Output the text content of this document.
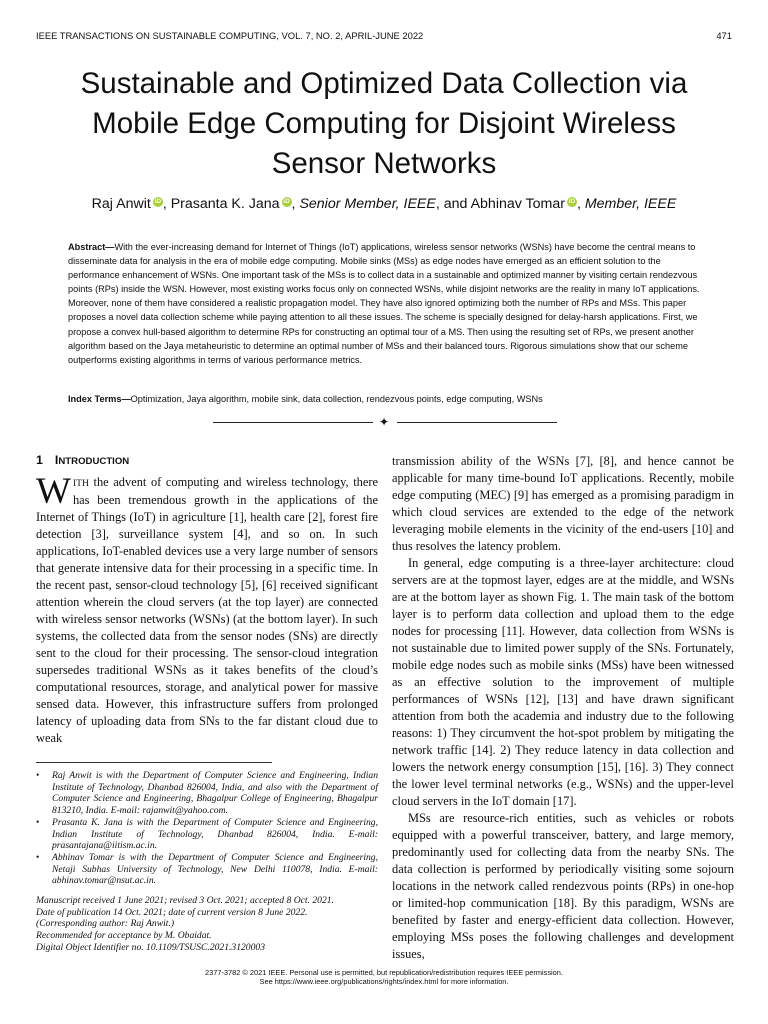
IEEE TRANSACTIONS ON SUSTAINABLE COMPUTING, VOL. 7, NO. 2, APRIL-JUNE 2022	471
Sustainable and Optimized Data Collection via
Mobile Edge Computing for Disjoint Wireless
Sensor Networks
Raj Anwit iD , Prasanta K. Jana iD , Senior Member, IEEE, and Abhinav Tomar iD , Member, IEEE

Abstract—With the ever-increasing demand for Internet of Things (IoT) applications, wireless sensor networks (WSNs) have become the central means to disseminate data for analysis in the era of mobile edge computing. Mobile sinks (MSs) as edge nodes have emerged as an efficient solution to the performance enhancement of WSNs. One important task of the MSs is to collect data in a sustainable and optimized manner by visiting certain rendezvous points (RPs) inside the WSN. However, most existing works focus only on connected WSNs, while disjoint networks are the reality in many IoT applications. Moreover, none of them have considered a realistic propagation model. They have also ignored optimizing both the number of RPs and MSs. This paper proposes a novel data collection scheme while paying attention to all these issues. The scheme is specially designed for delay-harsh applications. First, we propose a convex hull-based algorithm to determine RPs for constructing an optimal tour of a MS. Then using the resulting set of RPs, we present another algorithm based on the Jaya metaheuristic to determine an optimal number of MSs and their balanced tours. Rigorous simulations show that our scheme outperforms existing algorithms in terms of various performance metrics.

Index Terms—Optimization, Jaya algorithm, mobile sink, data collection, rendezvous points, edge computing, WSNs

✦
1 INTRODUCTION

WITH the advent of computing and wireless technology, there has been tremendous growth in the applications of the Internet of Things (IoT) in agriculture [1], health care [2], forest fire detection [3], surveillance system [4], and so on. In such applications, IoT-enabled devices use a very large number of sensors that generate intensive data for their processing in a specific time. In the recent past, sensor-cloud technology [5], [6] received significant attention wherein the cloud servers (at the top layer) are connected with wireless sensor networks (WSNs) (at the bottom layer). In such systems, the collected data from the sensor nodes (SNs) are directly sent to the cloud for their processing. The sensor-cloud integration supersedes traditional WSNs as it takes benefits of the cloud’s computational resources, storage, and analytical power for massive sensed data. However, this infrastructure suffers from prolonged latency of uploading data from SNs to the far distant cloud due to weak

• Raj Anwit is with the Department of Computer Science and Engineering, Indian Institute of Technology, Dhanbad 826004, India, and also with the Department of Computer Science and Engineering, Bhagalpur College of Engineering, Bhagalpur 813210, India. E-mail: rajanwit@yahoo.com.

• Prasanta K. Jana is with the Department of Computer Science and Engineering, Indian Institute of Technology, Dhanbad 826004, India. E-mail: prasantajana@iitism.ac.in.

• Abhinav Tomar is with the Department of Computer Science and Engineering, Netaji Subhas University of Technology, New Delhi 110078, India. E-mail: abhinav.tomar@nsut.ac.in.

Manuscript received 1 June 2021; revised 3 Oct. 2021; accepted 8 Oct. 2021.
Date of publication 14 Oct. 2021; date of current version 8 June 2022.
(Corresponding author: Raj Anwit.)
Recommended for acceptance by M. Obaidat.
Digital Object Identifier no. 10.1109/TSUSC.2021.3120003

transmission ability of the WSNs [7], [8], and hence cannot be applicable for many time-bound IoT applications. Recently, mobile edge computing (MEC) [9] has emerged as a promising paradigm in which cloud services are extended to the edge of the network leveraging mobile elements in the vicinity of the end-users [10] and thus resolves the latency problem.

In general, edge computing is a three-layer architecture: cloud servers are at the topmost layer, edges are at the middle, and WSNs are at the bottom layer as shown Fig. 1. The main task of the bottom layer is to perform data collection and upload them to the edge nodes for processing [11]. However, data collection from WSNs is not sustainable due to limited power supply of the SNs. Fortunately, mobile edge nodes such as mobile sinks (MSs) have been witnessed as an effective solution to the improvement of multiple performances of WSNs [12], [13] and have drawn significant attention from both the academia and industry due to the following reasons: 1) They circumvent the hot-spot problem by mitigating the network traffic [14]. 2) They reduce latency in data collection and lowers the network energy consumption [15], [16]. 3) They connect the lower level terminal networks (e.g., WSNs) and the upper-level cloud servers in the IoT domain [17].

MSs are resource-rich entities, such as vehicles or robots equipped with a powerful transceiver, battery, and large memory, predominantly used for collecting data from the nearby SNs. The data collection is performed by periodically visiting some sojourn locations in the network called rendezvous points (RPs) in one-hop or limited-hop communication [18]. By this paradigm, WSNs are benefited by faster and energy-efficient data collection. However, employing MSs poses the following challenges and development issues,

2377-3782 © 2021 IEEE. Personal use is permitted, but republication/redistribution requires IEEE permission.
See https://www.ieee.org/publications/rights/index.html for more information.
